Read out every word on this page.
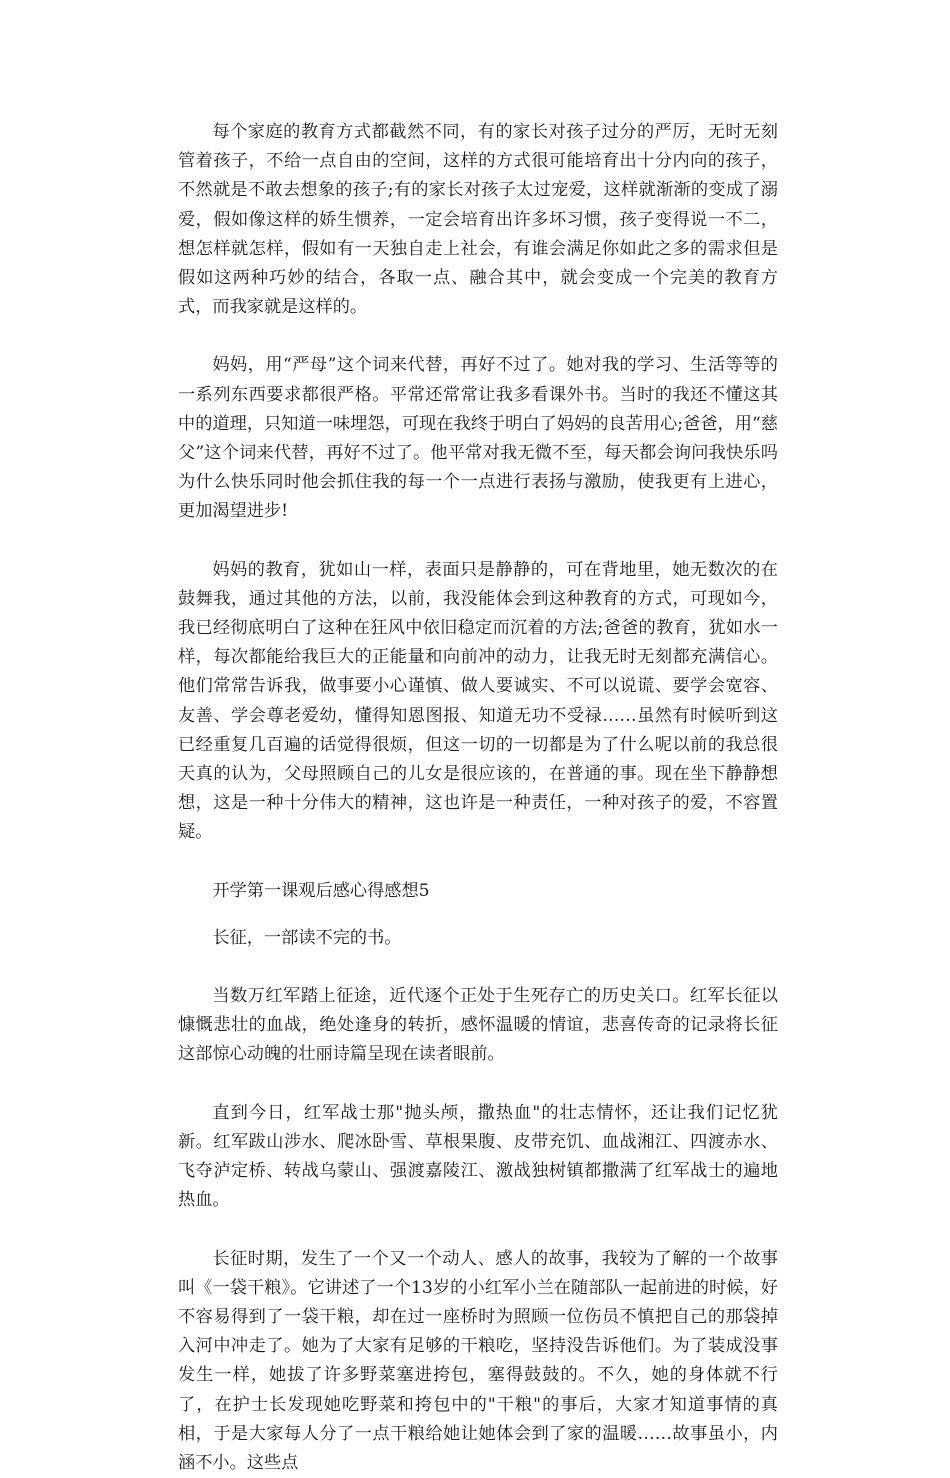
每个家庭的教育方式都截然不同，有的家长对孩子过分的严厉，无时无刻管着孩子，不给一点自由的空间，这样的方式很可能培育出十分内向的孩子，不然就是不敢去想象的孩子;有的家长对孩子太过宠爱，这样就渐渐的变成了溺爱，假如像这样的娇生惯养，一定会培育出许多坏习惯，孩子变得说一不二，想怎样就怎样，假如有一天独自走上社会，有谁会满足你如此之多的需求但是假如这两种巧妙的结合，各取一点、融合其中，就会变成一个完美的教育方式，而我家就是这样的。

妈妈，用“严母”这个词来代替，再好不过了。她对我的学习、生活等等的一系列东西要求都很严格。平常还常常让我多看课外书。当时的我还不懂这其中的道理，只知道一味埋怨，可现在我终于明白了妈妈的良苦用心;爸爸，用“慈父”这个词来代替，再好不过了。他平常对我无微不至，每天都会询问我快乐吗为什么快乐同时他会抓住我的每一个一点进行表扬与激励，使我更有上进心，更加渴望进步!

妈妈的教育，犹如山一样，表面只是静静的，可在背地里，她无数次的在鼓舞我，通过其他的方法，以前，我没能体会到这种教育的方式，可现如今，我已经彻底明白了这种在狂风中依旧稳定而沉着的方法;爸爸的教育，犹如水一样，每次都能给我巨大的正能量和向前冲的动力，让我无时无刻都充满信心。他们常常告诉我，做事要小心谨慎、做人要诚实、不可以说谎、要学会宽容、友善、学会尊老爱幼，懂得知恩图报、知道无功不受禄……虽然有时候听到这已经重复几百遍的话觉得很烦，但这一切的一切都是为了什么呢以前的我总很天真的认为，父母照顾自己的儿女是很应该的，在普通的事。现在坐下静静想想，这是一种十分伟大的精神，这也许是一种责任，一种对孩子的爱，不容置疑。

开学第一课观后感心得感想5

长征，一部读不完的书。

当数万红军踏上征途，近代逐个正处于生死存亡的历史关口。红军长征以慷慨悲壮的血战，绝处逢身的转折，感怀温暖的情谊，悲喜传奇的记录将长征这部惊心动魄的壮丽诗篇呈现在读者眼前。

直到今日，红军战士那"抛头颅，撒热血"的壮志情怀，还让我们记忆犹新。红军跋山涉水、爬冰卧雪、草根果腹、皮带充饥、血战湘江、四渡赤水、飞夺泸定桥、转战乌蒙山、强渡嘉陵江、激战独树镇都撒满了红军战士的遍地热血。

长征时期，发生了一个又一个动人、感人的故事，我较为了解的一个故事叫《一袋干粮》。它讲述了一个13岁的小红军小兰在随部队一起前进的时候，好不容易得到了一袋干粮，却在过一座桥时为照顾一位伤员不慎把自己的那袋掉入河中冲走了。她为了大家有足够的干粮吃，坚持没告诉他们。为了装成没事发生一样，她拔了许多野菜塞进挎包，塞得鼓鼓的。不久，她的身体就不行了，在护士长发现她吃野菜和挎包中的"干粮"的事后，大家才知道事情的真相，于是大家每人分了一点干粮给她让她体会到了家的温暖……故事虽小，内涵不小。这些点
